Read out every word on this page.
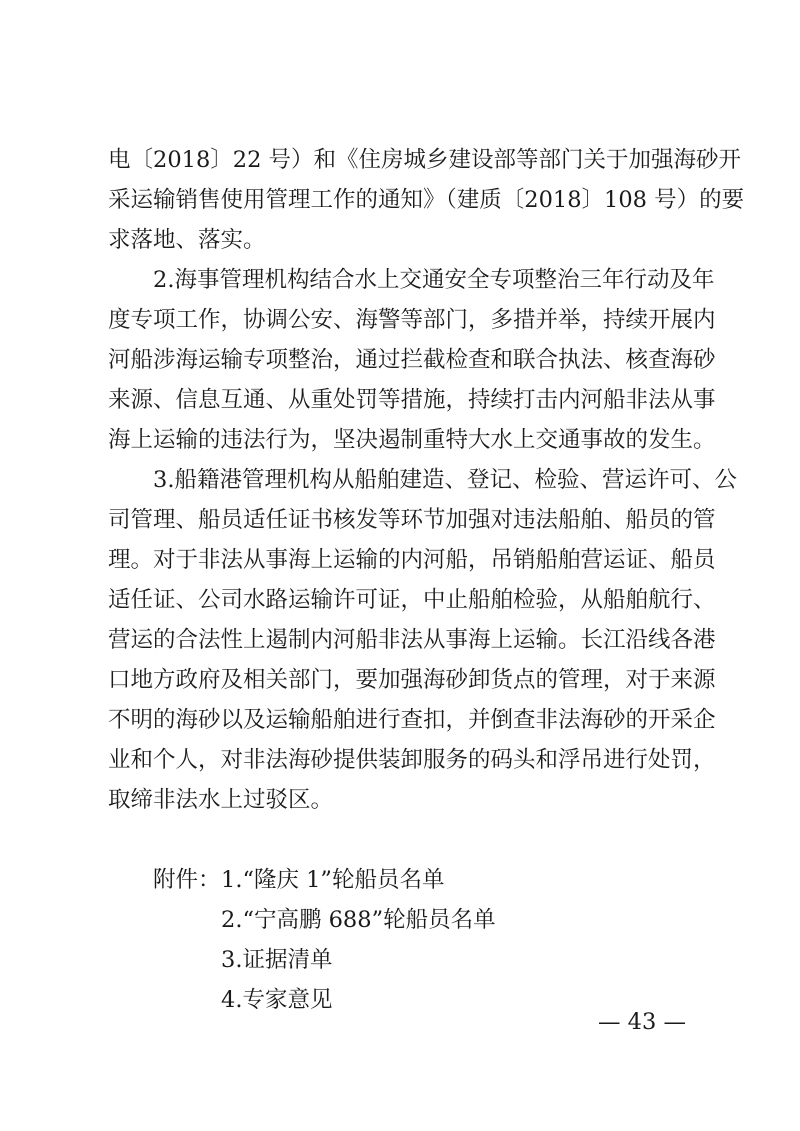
电〔2018〕22 号）和《住房城乡建设部等部门关于加强海砂开
采运输销售使用管理工作的通知》（建质〔2018〕108 号）的要
求落地、落实。
2.海事管理机构结合水上交通安全专项整治三年行动及年
度专项工作，协调公安、海警等部门，多措并举，持续开展内
河船涉海运输专项整治，通过拦截检查和联合执法、核查海砂
来源、信息互通、从重处罚等措施，持续打击内河船非法从事
海上运输的违法行为，坚决遏制重特大水上交通事故的发生。
3.船籍港管理机构从船舶建造、登记、检验、营运许可、公
司管理、船员适任证书核发等环节加强对违法船舶、船员的管
理。对于非法从事海上运输的内河船，吊销船舶营运证、船员
适任证、公司水路运输许可证，中止船舶检验，从船舶航行、
营运的合法性上遏制内河船非法从事海上运输。长江沿线各港
口地方政府及相关部门，要加强海砂卸货点的管理，对于来源
不明的海砂以及运输船舶进行查扣，并倒查非法海砂的开采企
业和个人，对非法海砂提供装卸服务的码头和浮吊进行处罚，
取缔非法水上过驳区。
附件： 1.“隆庆 1”轮船员名单
2.“宁高鹏 688”轮船员名单
3.证据清单
4.专家意见
— 43 —
